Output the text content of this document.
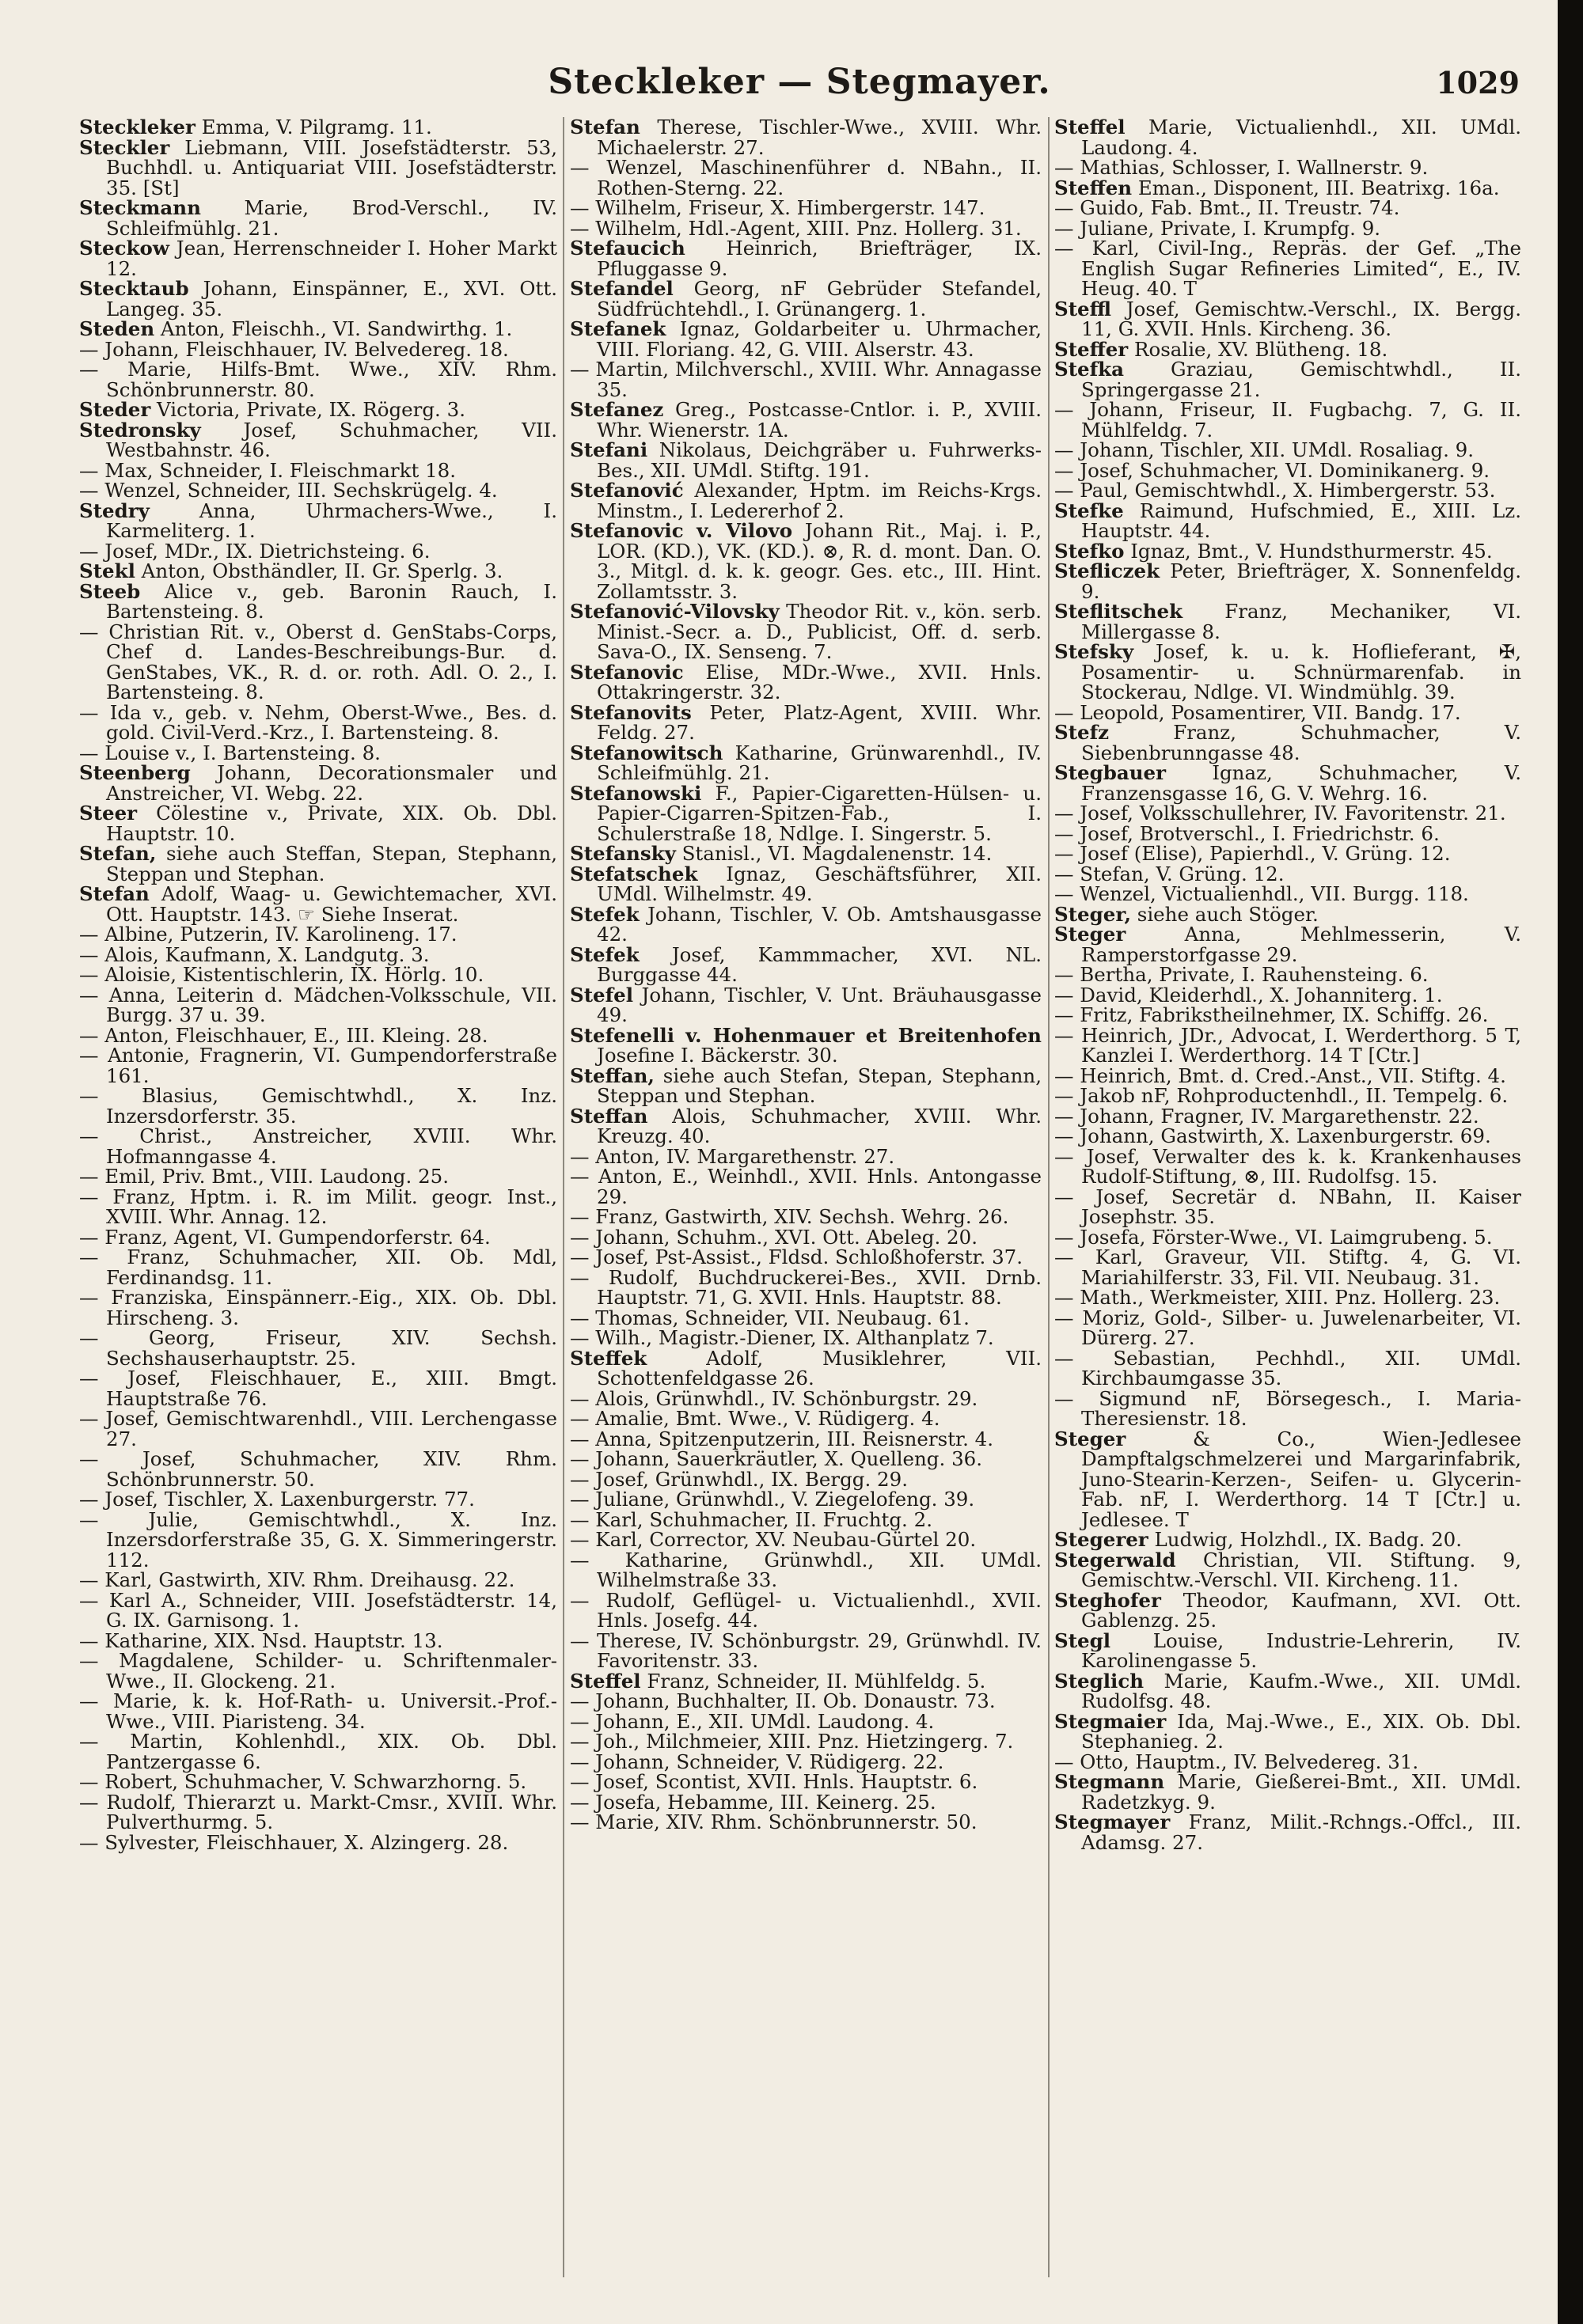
Steckleker — Stegmayer.	1029

Steckleker Emma, V. Pilgramg. 11.

Steckler Liebmann, VIII. Josefstädterstr. 53, Buchhdl. u. Antiquariat VIII. Josefstädterstr. 35. [St]

Steckmann Marie, Brod-Verschl., IV. Schleifmühlg. 21.

Steckow Jean, Herrenschneider I. Hoher Markt 12.

Stecktaub Johann, Einspänner, E., XVI. Ott. Langeg. 35.

Steden Anton, Fleischh., VI. Sandwirthg. 1.

— Johann, Fleischhauer, IV. Belvedereg. 18.

— Marie, Hilfs-Bmt. Wwe., XIV. Rhm. Schönbrunnerstr. 80.

Steder Victoria, Private, IX. Rögerg. 3.

Stedronsky Josef, Schuhmacher, VII. Westbahnstr. 46.

— Max, Schneider, I. Fleischmarkt 18.

— Wenzel, Schneider, III. Sechskrügelg. 4.

Stedry Anna, Uhrmachers-Wwe., I. Karmeliterg. 1.

— Josef, MDr., IX. Dietrichsteing. 6.

Stekl Anton, Obsthändler, II. Gr. Sperlg. 3.

Steeb Alice v., geb. Baronin Rauch, I. Bartensteing. 8.

— Christian Rit. v., Oberst d. GenStabs-Corps, Chef d. Landes-Beschreibungs-Bur. d. GenStabes, VK., R. d. or. roth. Adl. O. 2., I. Bartensteing. 8.

— Ida v., geb. v. Nehm, Oberst-Wwe., Bes. d. gold. Civil-Verd.-Krz., I. Bartensteing. 8.

— Louise v., I. Bartensteing. 8.

Steenberg Johann, Decorationsmaler und Anstreicher, VI. Webg. 22.

Steer Cölestine v., Private, XIX. Ob. Dbl. Hauptstr. 10.

Stefan, siehe auch Steffan, Stepan, Stephann, Steppan und Stephan.

Stefan Adolf, Waag- u. Gewichtemacher, XVI. Ott. Hauptstr. 143. ☞ Siehe Inserat.

— Albine, Putzerin, IV. Karolineng. 17.

— Alois, Kaufmann, X. Landgutg. 3.

— Aloisie, Kistentischlerin, IX. Hörlg. 10.

— Anna, Leiterin d. Mädchen-Volksschule, VII. Burgg. 37 u. 39.

— Anton, Fleischhauer, E., III. Kleing. 28.

— Antonie, Fragnerin, VI. Gumpendorferstraße 161.

— Blasius, Gemischtwhdl., X. Inz. Inzersdorferstr. 35.

— Christ., Anstreicher, XVIII. Whr. Hofmanngasse 4.

— Emil, Priv. Bmt., VIII. Laudong. 25.

— Franz, Hptm. i. R. im Milit. geogr. Inst., XVIII. Whr. Annag. 12.

— Franz, Agent, VI. Gumpendorferstr. 64.

— Franz, Schuhmacher, XII. Ob. Mdl, Ferdinandsg. 11.

— Franziska, Einspännerr.-Eig., XIX. Ob. Dbl. Hirscheng. 3.

— Georg, Friseur, XIV. Sechsh. Sechshauserhauptstr. 25.

— Josef, Fleischhauer, E., XIII. Bmgt. Hauptstraße 76.

— Josef, Gemischtwarenhdl., VIII. Lerchengasse 27.

— Josef, Schuhmacher, XIV. Rhm. Schönbrunnerstr. 50.

— Josef, Tischler, X. Laxenburgerstr. 77.

— Julie, Gemischtwhdl., X. Inz. Inzersdorferstraße 35, G. X. Simmeringerstr. 112.

— Karl, Gastwirth, XIV. Rhm. Dreihausg. 22.

— Karl A., Schneider, VIII. Josefstädterstr. 14, G. IX. Garnisong. 1.

— Katharine, XIX. Nsd. Hauptstr. 13.

— Magdalene, Schilder- u. Schriftenmaler-Wwe., II. Glockeng. 21.

— Marie, k. k. Hof-Rath- u. Universit.-Prof.-Wwe., VIII. Piaristeng. 34.

— Martin, Kohlenhdl., XIX. Ob. Dbl. Pantzergasse 6.

— Robert, Schuhmacher, V. Schwarzhorng. 5.

— Rudolf, Thierarzt u. Markt-Cmsr., XVIII. Whr. Pulverthurmg. 5.

— Sylvester, Fleischhauer, X. Alzingerg. 28.

Stefan Therese, Tischler-Wwe., XVIII. Whr. Michaelerstr. 27.

— Wenzel, Maschinenführer d. NBahn., II. Rothen-Sterng. 22.

— Wilhelm, Friseur, X. Himbergerstr. 147.

— Wilhelm, Hdl.-Agent, XIII. Pnz. Hollerg. 31.

Stefaucich Heinrich, Briefträger, IX. Pfluggasse 9.

Stefandel Georg, nF Gebrüder Stefandel, Südfrüchtehdl., I. Grünangerg. 1.

Stefanek Ignaz, Goldarbeiter u. Uhrmacher, VIII. Floriang. 42, G. VIII. Alserstr. 43.

— Martin, Milchverschl., XVIII. Whr. Annagasse 35.

Stefanez Greg., Postcasse-Cntlor. i. P., XVIII. Whr. Wienerstr. 1A.

Stefani Nikolaus, Deichgräber u. Fuhrwerks-Bes., XII. UMdl. Stiftg. 191.

Stefanović Alexander, Hptm. im Reichs-Krgs. Minstm., I. Ledererhof 2.

Stefanovic v. Vilovo Johann Rit., Maj. i. P., LOR. (KD.), VK. (KD.). ⊗, R. d. mont. Dan. O. 3., Mitgl. d. k. k. geogr. Ges. etc., III. Hint. Zollamtsstr. 3.

Stefanović-Vilovsky Theodor Rit. v., kön. serb. Minist.-Secr. a. D., Publicist, Off. d. serb. Sava-O., IX. Senseng. 7.

Stefanovic Elise, MDr.-Wwe., XVII. Hnls. Ottakringerstr. 32.

Stefanovits Peter, Platz-Agent, XVIII. Whr. Feldg. 27.

Stefanowitsch Katharine, Grünwarenhdl., IV. Schleifmühlg. 21.

Stefanowski F., Papier-Cigaretten-Hülsen- u. Papier-Cigarren-Spitzen-Fab., I. Schulerstraße 18, Ndlge. I. Singerstr. 5.

Stefansky Stanisl., VI. Magdalenenstr. 14.

Stefatschek Ignaz, Geschäftsführer, XII. UMdl. Wilhelmstr. 49.

Stefek Johann, Tischler, V. Ob. Amtshausgasse 42.

Stefek Josef, Kammmacher, XVI. NL. Burggasse 44.

Stefel Johann, Tischler, V. Unt. Bräuhausgasse 49.

Stefenelli v. Hohenmauer et Breitenhofen Josefine I. Bäckerstr. 30.

Steffan, siehe auch Stefan, Stepan, Stephann, Steppan und Stephan.

Steffan Alois, Schuhmacher, XVIII. Whr. Kreuzg. 40.

— Anton, IV. Margarethenstr. 27.

— Anton, E., Weinhdl., XVII. Hnls. Antongasse 29.

— Franz, Gastwirth, XIV. Sechsh. Wehrg. 26.

— Johann, Schuhm., XVI. Ott. Abeleg. 20.

— Josef, Pst-Assist., Fldsd. Schloßhoferstr. 37.

— Rudolf, Buchdruckerei-Bes., XVII. Drnb. Hauptstr. 71, G. XVII. Hnls. Hauptstr. 88.

— Thomas, Schneider, VII. Neubaug. 61.

— Wilh., Magistr.-Diener, IX. Althanplatz 7.

Steffek Adolf, Musiklehrer, VII. Schottenfeldgasse 26.

— Alois, Grünwhdl., IV. Schönburgstr. 29.

— Amalie, Bmt. Wwe., V. Rüdigerg. 4.

— Anna, Spitzenputzerin, III. Reisnerstr. 4.

— Johann, Sauerkräutler, X. Quelleng. 36.

— Josef, Grünwhdl., IX. Bergg. 29.

— Juliane, Grünwhdl., V. Ziegelofeng. 39.

— Karl, Schuhmacher, II. Fruchtg. 2.

— Karl, Corrector, XV. Neubau-Gürtel 20.

— Katharine, Grünwhdl., XII. UMdl. Wilhelmstraße 33.

— Rudolf, Geflügel- u. Victualienhdl., XVII. Hnls. Josefg. 44.

— Therese, IV. Schönburgstr. 29, Grünwhdl. IV. Favoritenstr. 33.

Steffel Franz, Schneider, II. Mühlfeldg. 5.

— Johann, Buchhalter, II. Ob. Donaustr. 73.

— Johann, E., XII. UMdl. Laudong. 4.

— Joh., Milchmeier, XIII. Pnz. Hietzingerg. 7.

— Johann, Schneider, V. Rüdigerg. 22.

— Josef, Scontist, XVII. Hnls. Hauptstr. 6.

— Josefa, Hebamme, III. Keinerg. 25.

— Marie, XIV. Rhm. Schönbrunnerstr. 50.

Steffel Marie, Victualienhdl., XII. UMdl. Laudong. 4.

— Mathias, Schlosser, I. Wallnerstr. 9.

Steffen Eman., Disponent, III. Beatrixg. 16a.

— Guido, Fab. Bmt., II. Treustr. 74.

— Juliane, Private, I. Krumpfg. 9.

— Karl, Civil-Ing., Repräs. der Gef. „The English Sugar Refineries Limited“, E., IV. Heug. 40. T

Steffl Josef, Gemischtw.-Verschl., IX. Bergg. 11, G. XVII. Hnls. Kircheng. 36.

Steffer Rosalie, XV. Blütheng. 18.

Stefka Graziau, Gemischtwhdl., II. Springergasse 21.

— Johann, Friseur, II. Fugbachg. 7, G. II. Mühlfeldg. 7.

— Johann, Tischler, XII. UMdl. Rosaliag. 9.

— Josef, Schuhmacher, VI. Dominikanerg. 9.

— Paul, Gemischtwhdl., X. Himbergerstr. 53.

Stefke Raimund, Hufschmied, E., XIII. Lz. Hauptstr. 44.

Stefko Ignaz, Bmt., V. Hundsthurmerstr. 45.

Stefliczek Peter, Briefträger, X. Sonnenfeldg. 9.

Steflitschek Franz, Mechaniker, VI. Millergasse 8.

Stefsky Josef, k. u. k. Hoflieferant, ✠, Posamentir- u. Schnürmarenfab. in Stockerau, Ndlge. VI. Windmühlg. 39.

— Leopold, Posamentirer, VII. Bandg. 17.

Stefz Franz, Schuhmacher, V. Siebenbrunngasse 48.

Stegbauer Ignaz, Schuhmacher, V. Franzensgasse 16, G. V. Wehrg. 16.

— Josef, Volksschullehrer, IV. Favoritenstr. 21.

— Josef, Brotverschl., I. Friedrichstr. 6.

— Josef (Elise), Papierhdl., V. Grüng. 12.

— Stefan, V. Grüng. 12.

— Wenzel, Victualienhdl., VII. Burgg. 118.

Steger, siehe auch Stöger.

Steger Anna, Mehlmesserin, V. Ramperstorfgasse 29.

— Bertha, Private, I. Rauhensteing. 6.

— David, Kleiderhdl., X. Johanniterg. 1.

— Fritz, Fabrikstheilnehmer, IX. Schiffg. 26.

— Heinrich, JDr., Advocat, I. Werderthorg. 5 T, Kanzlei I. Werderthorg. 14 T [Ctr.]

— Heinrich, Bmt. d. Cred.-Anst., VII. Stiftg. 4.

— Jakob nF, Rohproductenhdl., II. Tempelg. 6.

— Johann, Fragner, IV. Margarethenstr. 22.

— Johann, Gastwirth, X. Laxenburgerstr. 69.

— Josef, Verwalter des k. k. Krankenhauses Rudolf-Stiftung, ⊗, III. Rudolfsg. 15.

— Josef, Secretär d. NBahn, II. Kaiser Josephstr. 35.

— Josefa, Förster-Wwe., VI. Laimgrubeng. 5.

— Karl, Graveur, VII. Stiftg. 4, G. VI. Mariahilferstr. 33, Fil. VII. Neubaug. 31.

— Math., Werkmeister, XIII. Pnz. Hollerg. 23.

— Moriz, Gold-, Silber- u. Juwelenarbeiter, VI. Dürerg. 27.

— Sebastian, Pechhdl., XII. UMdl. Kirchbaumgasse 35.

— Sigmund nF, Börsegesch., I. Maria-Theresienstr. 18.

Steger & Co., Wien-Jedlesee Dampftalgschmelzerei und Margarinfabrik, Juno-Stearin-Kerzen-, Seifen- u. Glycerin-Fab. nF, I. Werderthorg. 14 T [Ctr.] u. Jedlesee. T

Stegerer Ludwig, Holzhdl., IX. Badg. 20.

Stegerwald Christian, VII. Stiftung. 9, Gemischtw.-Verschl. VII. Kircheng. 11.

Steghofer Theodor, Kaufmann, XVI. Ott. Gablenzg. 25.

Stegl Louise, Industrie-Lehrerin, IV. Karolinengasse 5.

Steglich Marie, Kaufm.-Wwe., XII. UMdl. Rudolfsg. 48.

Stegmaier Ida, Maj.-Wwe., E., XIX. Ob. Dbl. Stephanieg. 2.

— Otto, Hauptm., IV. Belvedereg. 31.

Stegmann Marie, Gießerei-Bmt., XII. UMdl. Radetzkyg. 9.

Stegmayer Franz, Milit.-Rchngs.-Offcl., III. Adamsg. 27.
